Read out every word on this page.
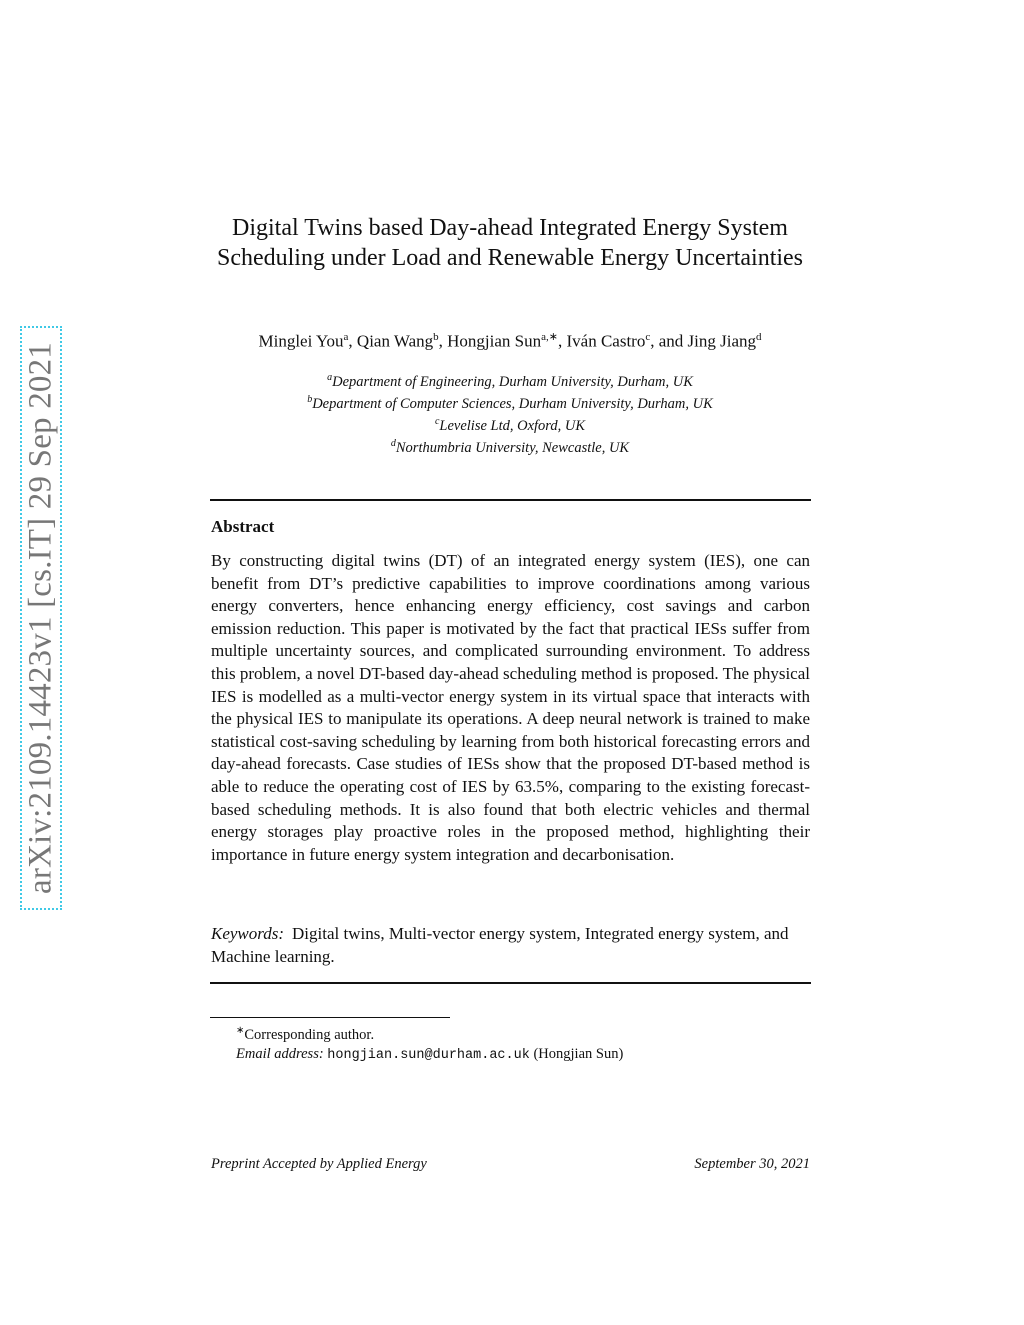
arXiv:2109.14423v1 [cs.IT] 29 Sep 2021
Digital Twins based Day-ahead Integrated Energy System Scheduling under Load and Renewable Energy Uncertainties
Minglei You$^a$, Qian Wang$^b$, Hongjian Sun$^{a,∗}$, Iván Castro$^c$, and Jing Jiang$^d$
$^a$Department of Engineering, Durham University, Durham, UK
$^b$Department of Computer Sciences, Durham University, Durham, UK
$^c$Levelise Ltd, Oxford, UK
$^d$Northumbria University, Newcastle, UK
Abstract

By constructing digital twins (DT) of an integrated energy system (IES), one can benefit from DT’s predictive capabilities to improve coordinations among various energy converters, hence enhancing energy efficiency, cost savings and carbon emission reduction. This paper is motivated by the fact that practical IESs suffer from multiple uncertainty sources, and complicated surrounding environment. To address this problem, a novel DT-based day-ahead scheduling method is proposed. The physical IES is modelled as a multi-vector energy system in its virtual space that interacts with the physical IES to manipulate its operations. A deep neural network is trained to make statistical cost-saving scheduling by learning from both historical forecasting errors and day-ahead forecasts. Case studies of IESs show that the proposed DT-based method is able to reduce the operating cost of IES by 63.5%, comparing to the existing forecast-based scheduling methods. It is also found that both electric vehicles and thermal energy storages play proactive roles in the proposed method, highlighting their importance in future energy system integration and decarbonisation.

Keywords: Digital twins, Multi-vector energy system, Integrated energy system, and Machine learning.

∗Corresponding author.
Email address: hongjian.sun@durham.ac.uk (Hongjian Sun)
Preprint Accepted by Applied Energy	September 30, 2021
